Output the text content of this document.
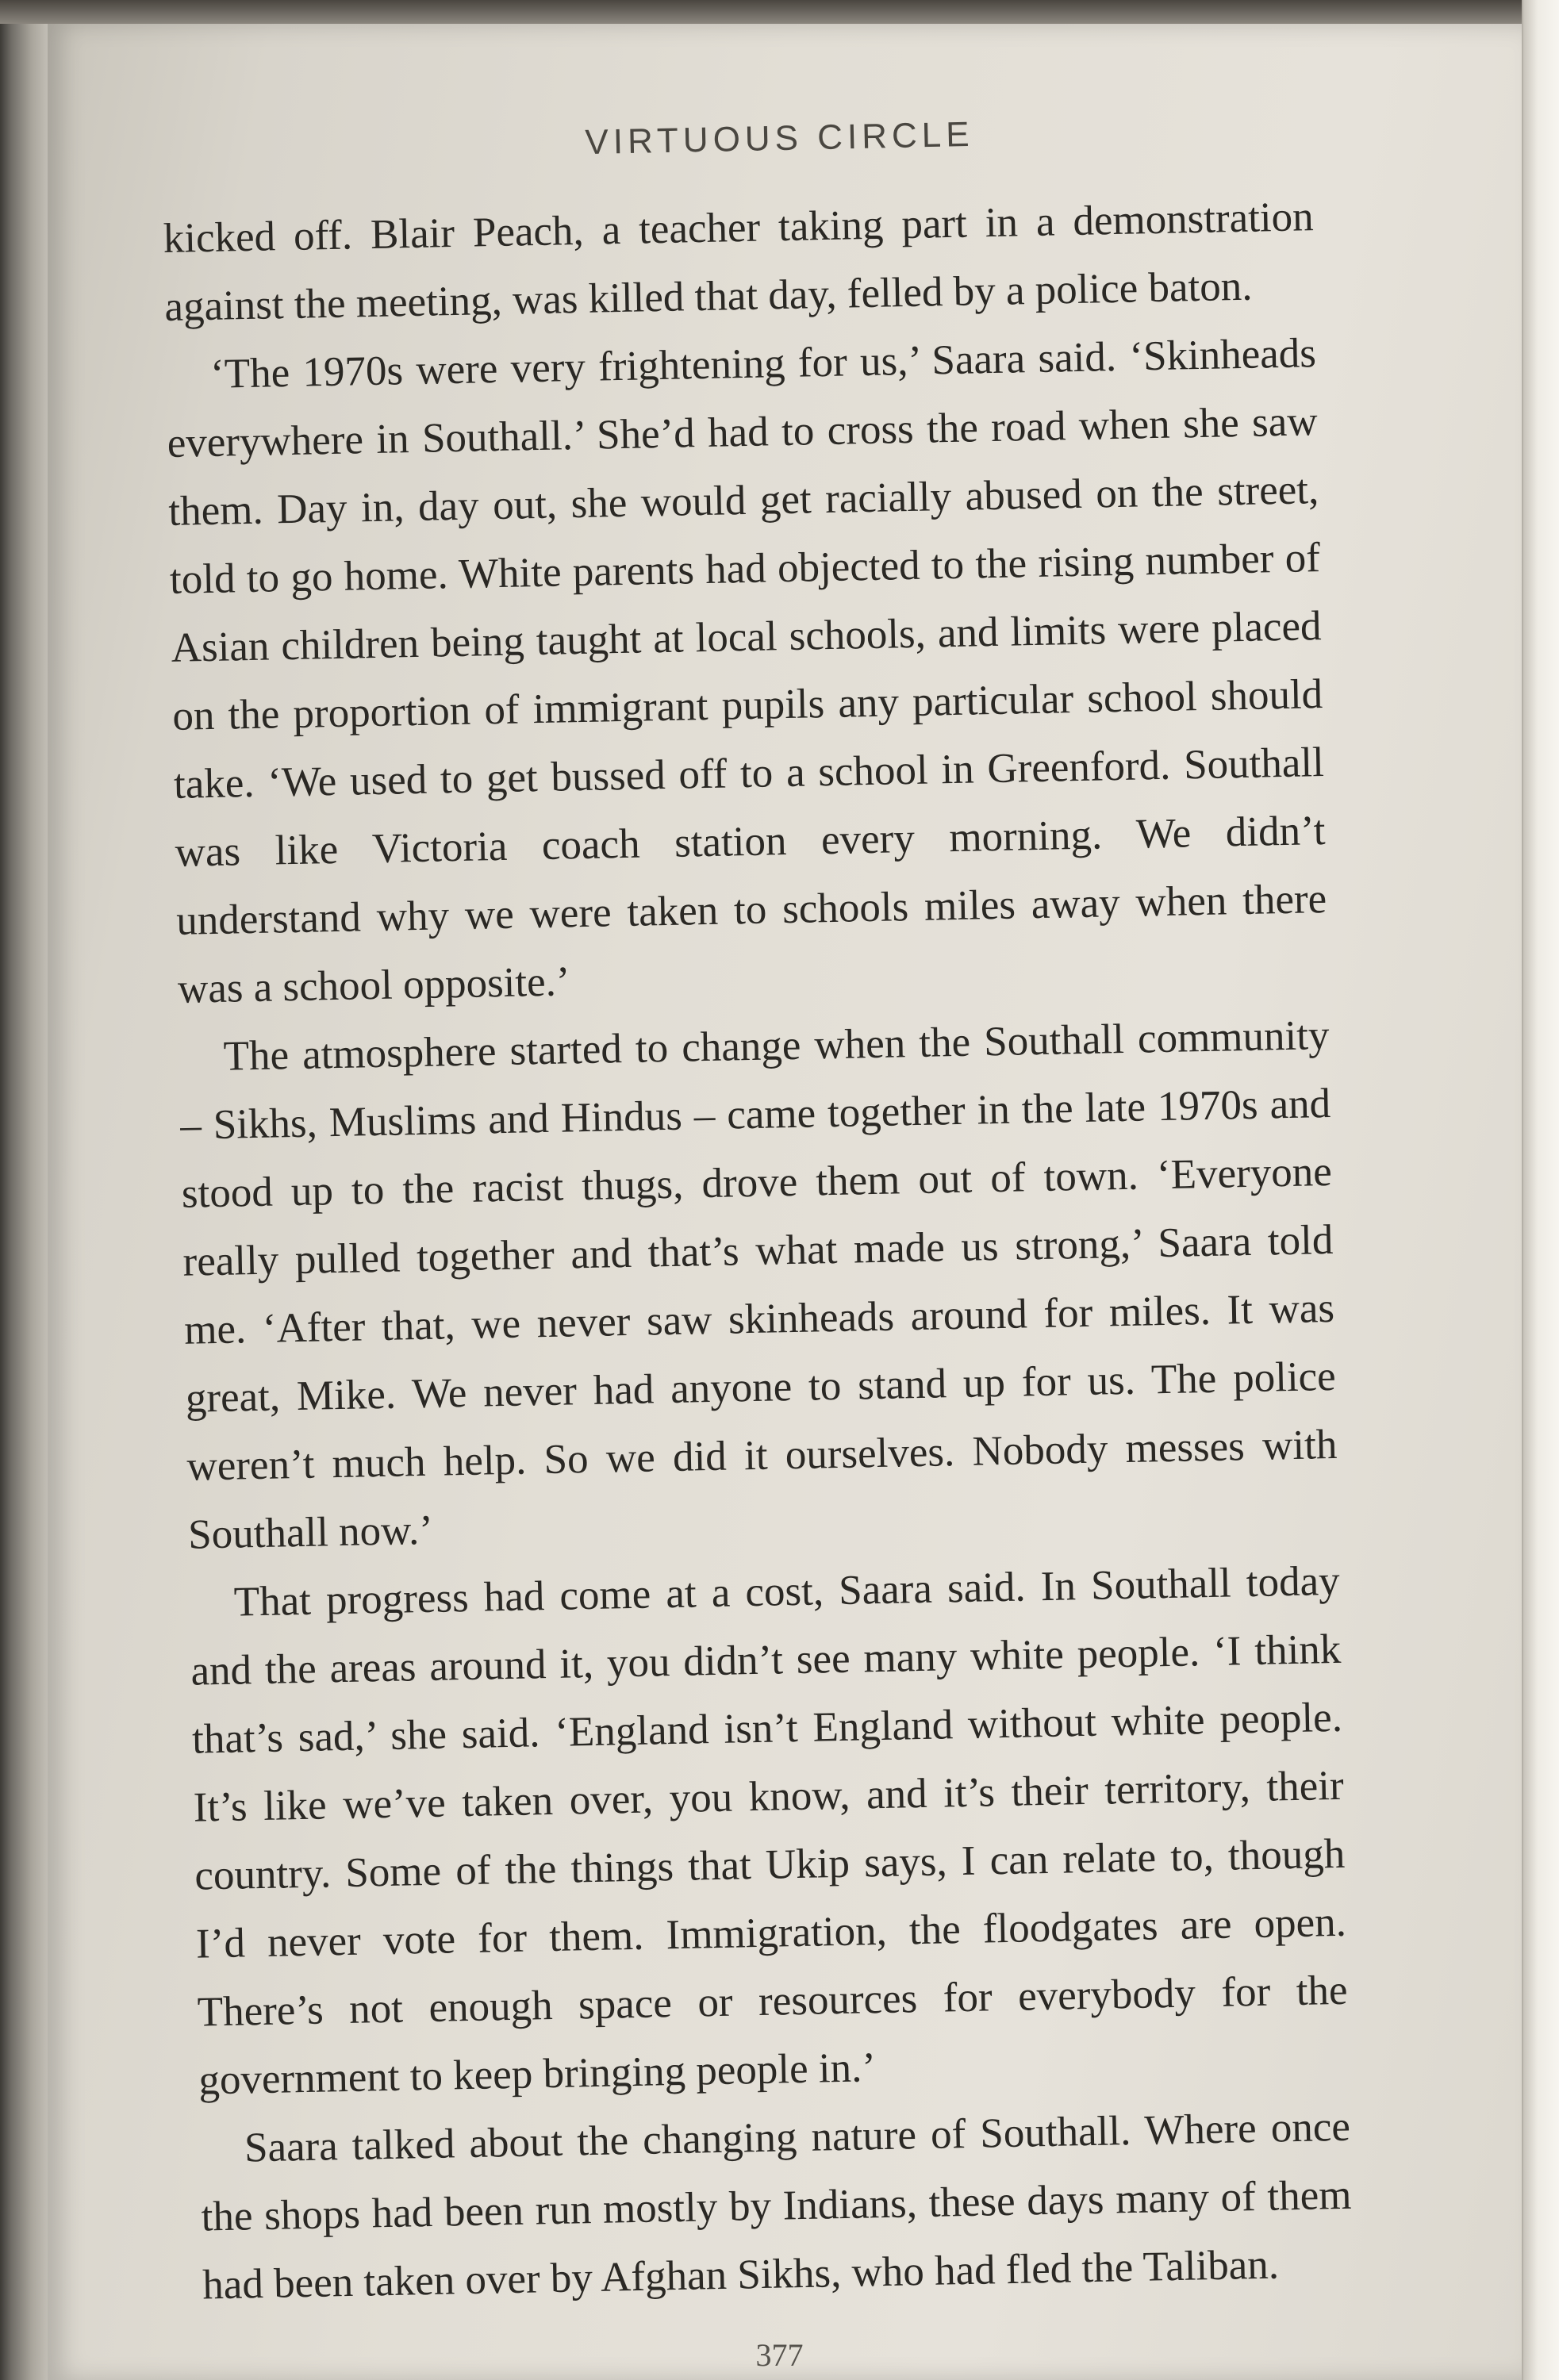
VIRTUOUS CIRCLE

kicked off. Blair Peach, a teacher taking part in a demonstration against the meeting, was killed that day, felled by a police baton.

‘The 1970s were very frightening for us,’ Saara said. ‘Skinheads everywhere in Southall.’ She’d had to cross the road when she saw them. Day in, day out, she would get racially abused on the street, told to go home. White parents had objected to the rising number of Asian children being taught at local schools, and limits were placed on the proportion of immigrant pupils any particular school should take. ‘We used to get bussed off to a school in Greenford. Southall was like Victoria coach station every morning. We didn’t understand why we were taken to schools miles away when there was a school opposite.’

The atmosphere started to change when the Southall community – Sikhs, Muslims and Hindus – came together in the late 1970s and stood up to the racist thugs, drove them out of town. ‘Everyone really pulled together and that’s what made us strong,’ Saara told me. ‘After that, we never saw skinheads around for miles. It was great, Mike. We never had anyone to stand up for us. The police weren’t much help. So we did it ourselves. Nobody messes with Southall now.’

That progress had come at a cost, Saara said. In Southall today and the areas around it, you didn’t see many white people. ‘I think that’s sad,’ she said. ‘England isn’t England without white people. It’s like we’ve taken over, you know, and it’s their territory, their country. Some of the things that Ukip says, I can relate to, though I’d never vote for them. Immigration, the floodgates are open. There’s not enough space or resources for everybody for the government to keep bringing people in.’

Saara talked about the changing nature of Southall. Where once the shops had been run mostly by Indians, these days many of them had been taken over by Afghan Sikhs, who had fled the Taliban.

377
